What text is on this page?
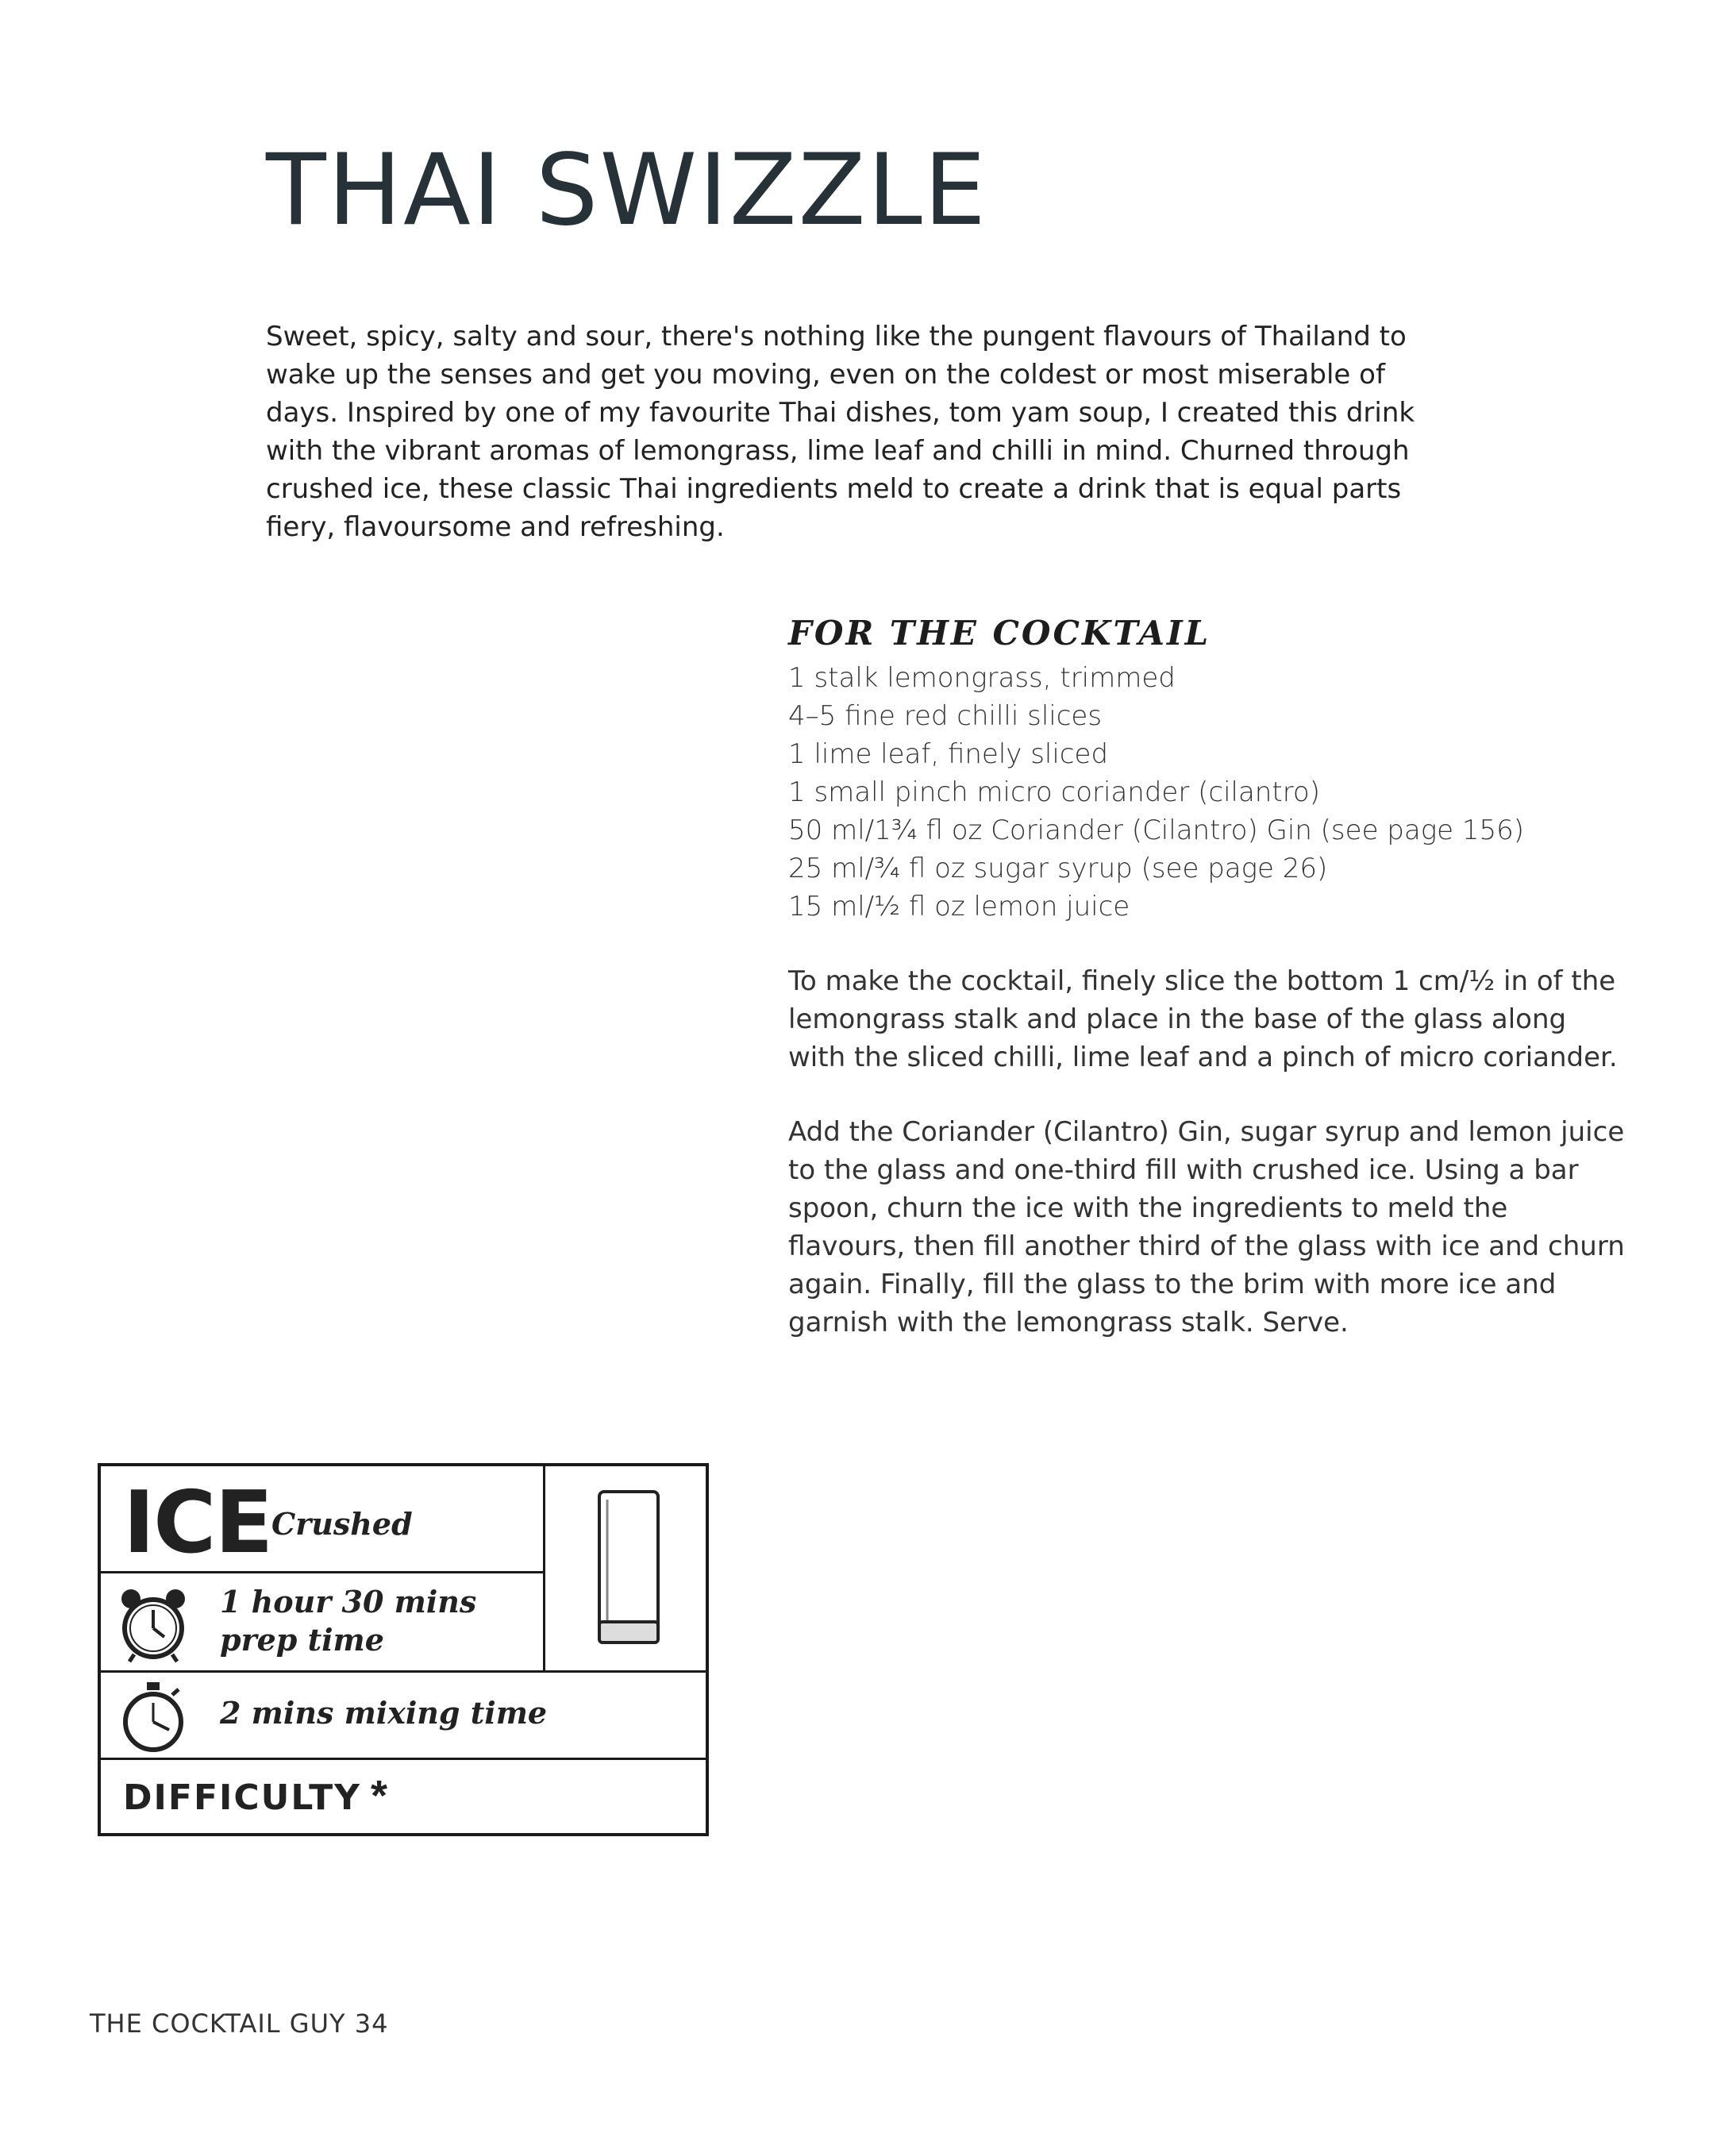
THAI SWIZZLE

Sweet, spicy, salty and sour, there's nothing like the pungent flavours of Thailand to wake up the senses and get you moving, even on the coldest or most miserable of days. Inspired by one of my favourite Thai dishes, tom yam soup, I created this drink with the vibrant aromas of lemongrass, lime leaf and chilli in mind. Churned through crushed ice, these classic Thai ingredients meld to create a drink that is equal parts fiery, flavoursome and refreshing.

FOR THE COCKTAIL
1 stalk lemongrass, trimmed
4–5 fine red chilli slices
1 lime leaf, finely sliced
1 small pinch micro coriander (cilantro)
50 ml/1¾ fl oz Coriander (Cilantro) Gin (see page 156)
25 ml/¾ fl oz sugar syrup (see page 26)
15 ml/½ fl oz lemon juice

To make the cocktail, finely slice the bottom 1 cm/½ in of the lemongrass stalk and place in the base of the glass along with the sliced chilli, lime leaf and a pinch of micro coriander.

Add the Coriander (Cilantro) Gin, sugar syrup and lemon juice to the glass and one-third fill with crushed ice. Using a bar spoon, churn the ice with the ingredients to meld the flavours, then fill another third of the glass with ice and churn again. Finally, fill the glass to the brim with more ice and garnish with the lemongrass stalk. Serve.

ICE Crushed
1 hour 30 mins
prep time
2 mins mixing time
DIFFICULTY *
THE COCKTAIL GUY 34
